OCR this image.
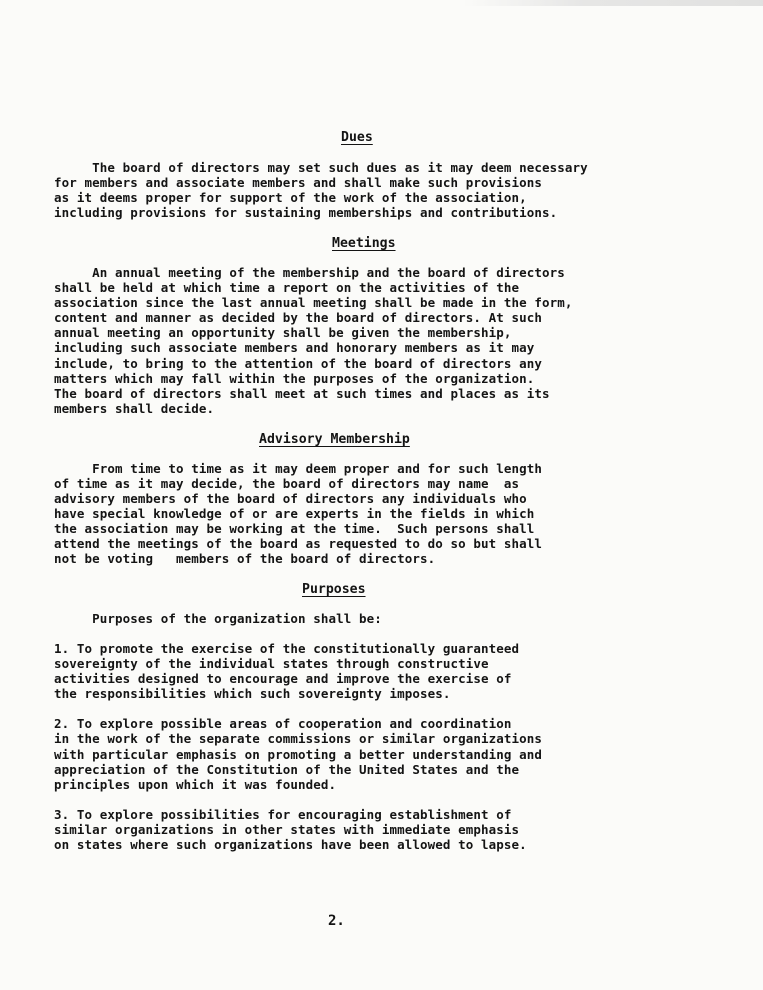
Dues
The board of directors may set such dues as it may deem necessary
for members and associate members and shall make such provisions
as it deems proper for support of the work of the association,
including provisions for sustaining memberships and contributions.
Meetings
An annual meeting of the membership and the board of directors
shall be held at which time a report on the activities of the
association since the last annual meeting shall be made in the form,
content and manner as decided by the board of directors. At such
annual meeting an opportunity shall be given the membership,
including such associate members and honorary members as it may
include, to bring to the attention of the board of directors any
matters which may fall within the purposes of the organization.
The board of directors shall meet at such times and places as its
members shall decide.
Advisory Membership
From time to time as it may deem proper and for such length
of time as it may decide, the board of directors may name  as
advisory members of the board of directors any individuals who
have special knowledge of or are experts in the fields in which
the association may be working at the time.  Such persons shall
attend the meetings of the board as requested to do so but shall
not be voting   members of the board of directors.
Purposes
Purposes of the organization shall be:
1. To promote the exercise of the constitutionally guaranteed
sovereignty of the individual states through constructive
activities designed to encourage and improve the exercise of
the responsibilities which such sovereignty imposes.
2. To explore possible areas of cooperation and coordination
in the work of the separate commissions or similar organizations
with particular emphasis on promoting a better understanding and
appreciation of the Constitution of the United States and the
principles upon which it was founded.
3. To explore possibilities for encouraging establishment of
similar organizations in other states with immediate emphasis
on states where such organizations have been allowed to lapse.
2.
